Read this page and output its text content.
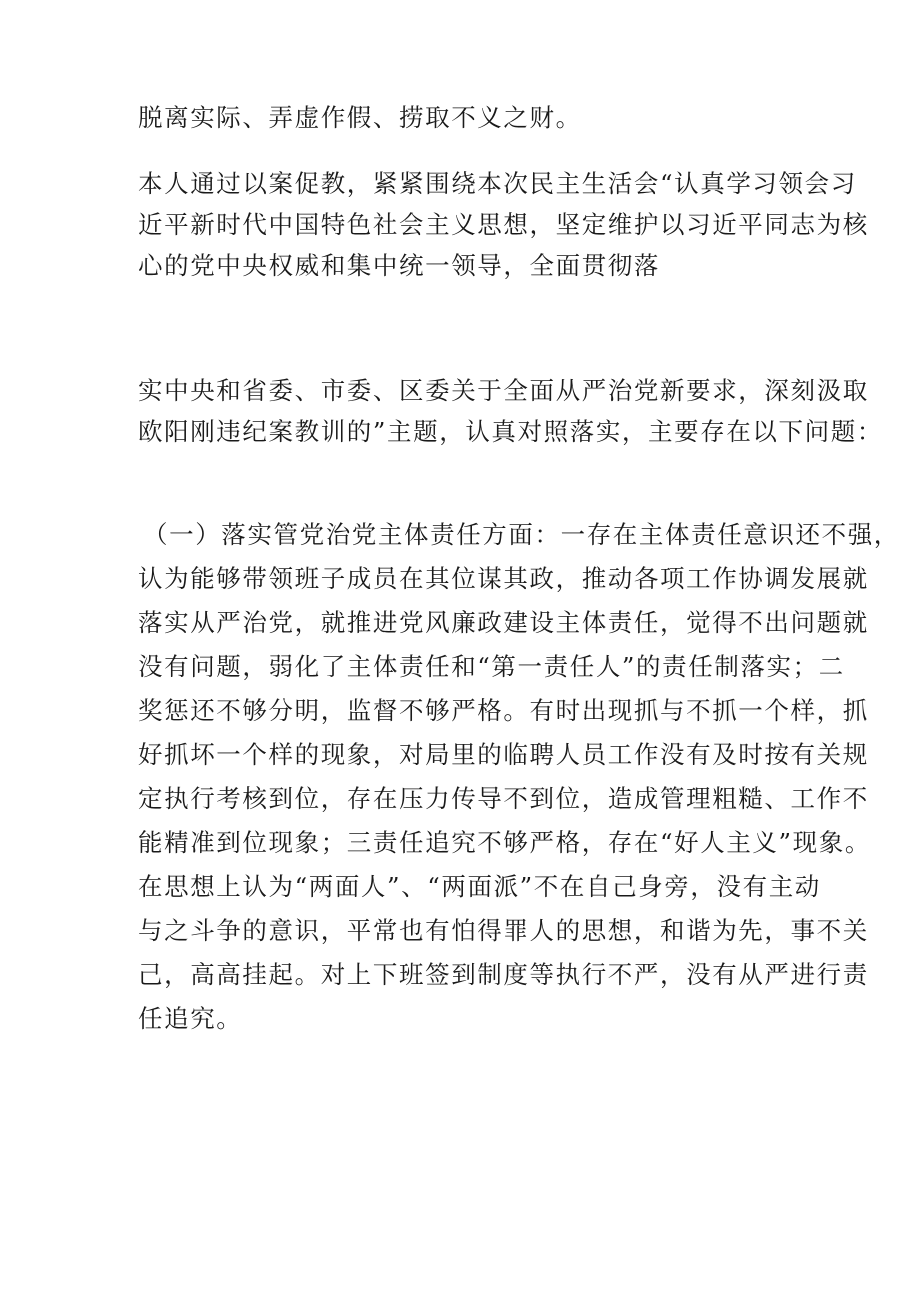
脱离实际、弄虚作假、捞取不义之财。
本人通过以案促教，紧紧围绕本次民主生活会“认真学习领会习
近平新时代中国特色社会主义思想，坚定维护以习近平同志为核
心的党中央权威和集中统一领导，全面贯彻落
实中央和省委、市委、区委关于全面从严治党新要求，深刻汲取
欧阳刚违纪案教训的”主题，认真对照落实，主要存在以下问题：
（一）落实管党治党主体责任方面：一存在主体责任意识还不强，
认为能够带领班子成员在其位谋其政，推动各项工作协调发展就
落实从严治党，就推进党风廉政建设主体责任，觉得不出问题就
没有问题，弱化了主体责任和“第一责任人”的责任制落实；二
奖惩还不够分明，监督不够严格。有时出现抓与不抓一个样，抓
好抓坏一个样的现象，对局里的临聘人员工作没有及时按有关规
定执行考核到位，存在压力传导不到位，造成管理粗糙、工作不
能精准到位现象；三责任追究不够严格，存在“好人主义”现象。
在思想上认为“两面人”、“两面派”不在自己身旁，没有主动
与之斗争的意识，平常也有怕得罪人的思想，和谐为先，事不关
己，高高挂起。对上下班签到制度等执行不严，没有从严进行责
任追究。
